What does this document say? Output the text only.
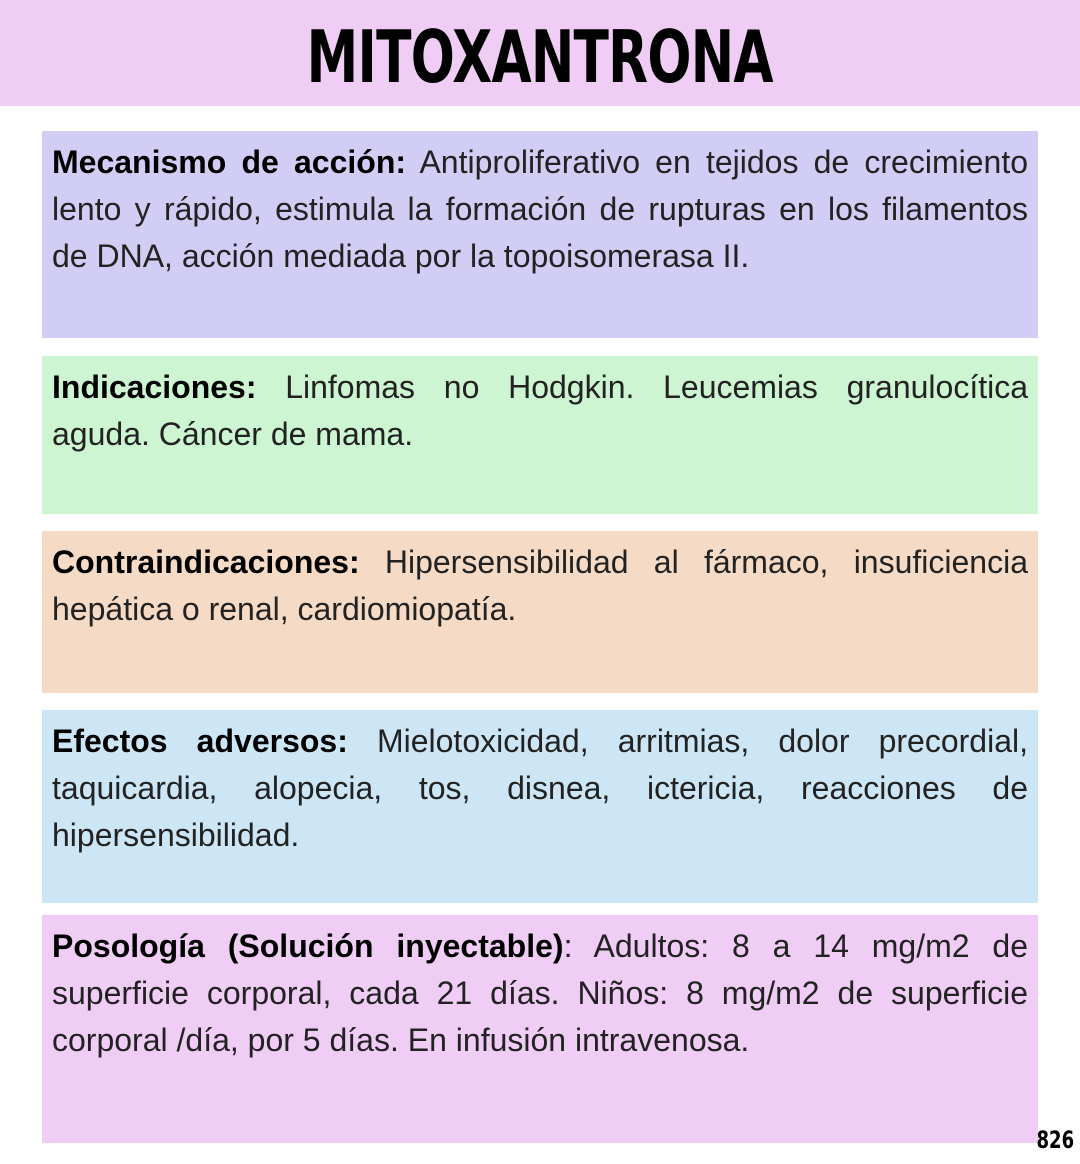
MITOXANTRONA
Mecanismo de acción: Antiproliferativo en tejidos de crecimiento lento y rápido, estimula la formación de rupturas en los filamentos de DNA, acción mediada por la topoisomerasa II.
Indicaciones: Linfomas no Hodgkin. Leucemias granulocítica aguda. Cáncer de mama.
Contraindicaciones: Hipersensibilidad al fármaco, insuficiencia hepática o renal, cardiomiopatía.
Efectos adversos: Mielotoxicidad, arritmias, dolor precordial, taquicardia, alopecia, tos, disnea, ictericia, reacciones de hipersensibilidad.
Posología (Solución inyectable): Adultos: 8 a 14 mg/m2 de superficie corporal, cada 21 días. Niños: 8 mg/m2 de superficie corporal /día, por 5 días. En infusión intravenosa.
826
